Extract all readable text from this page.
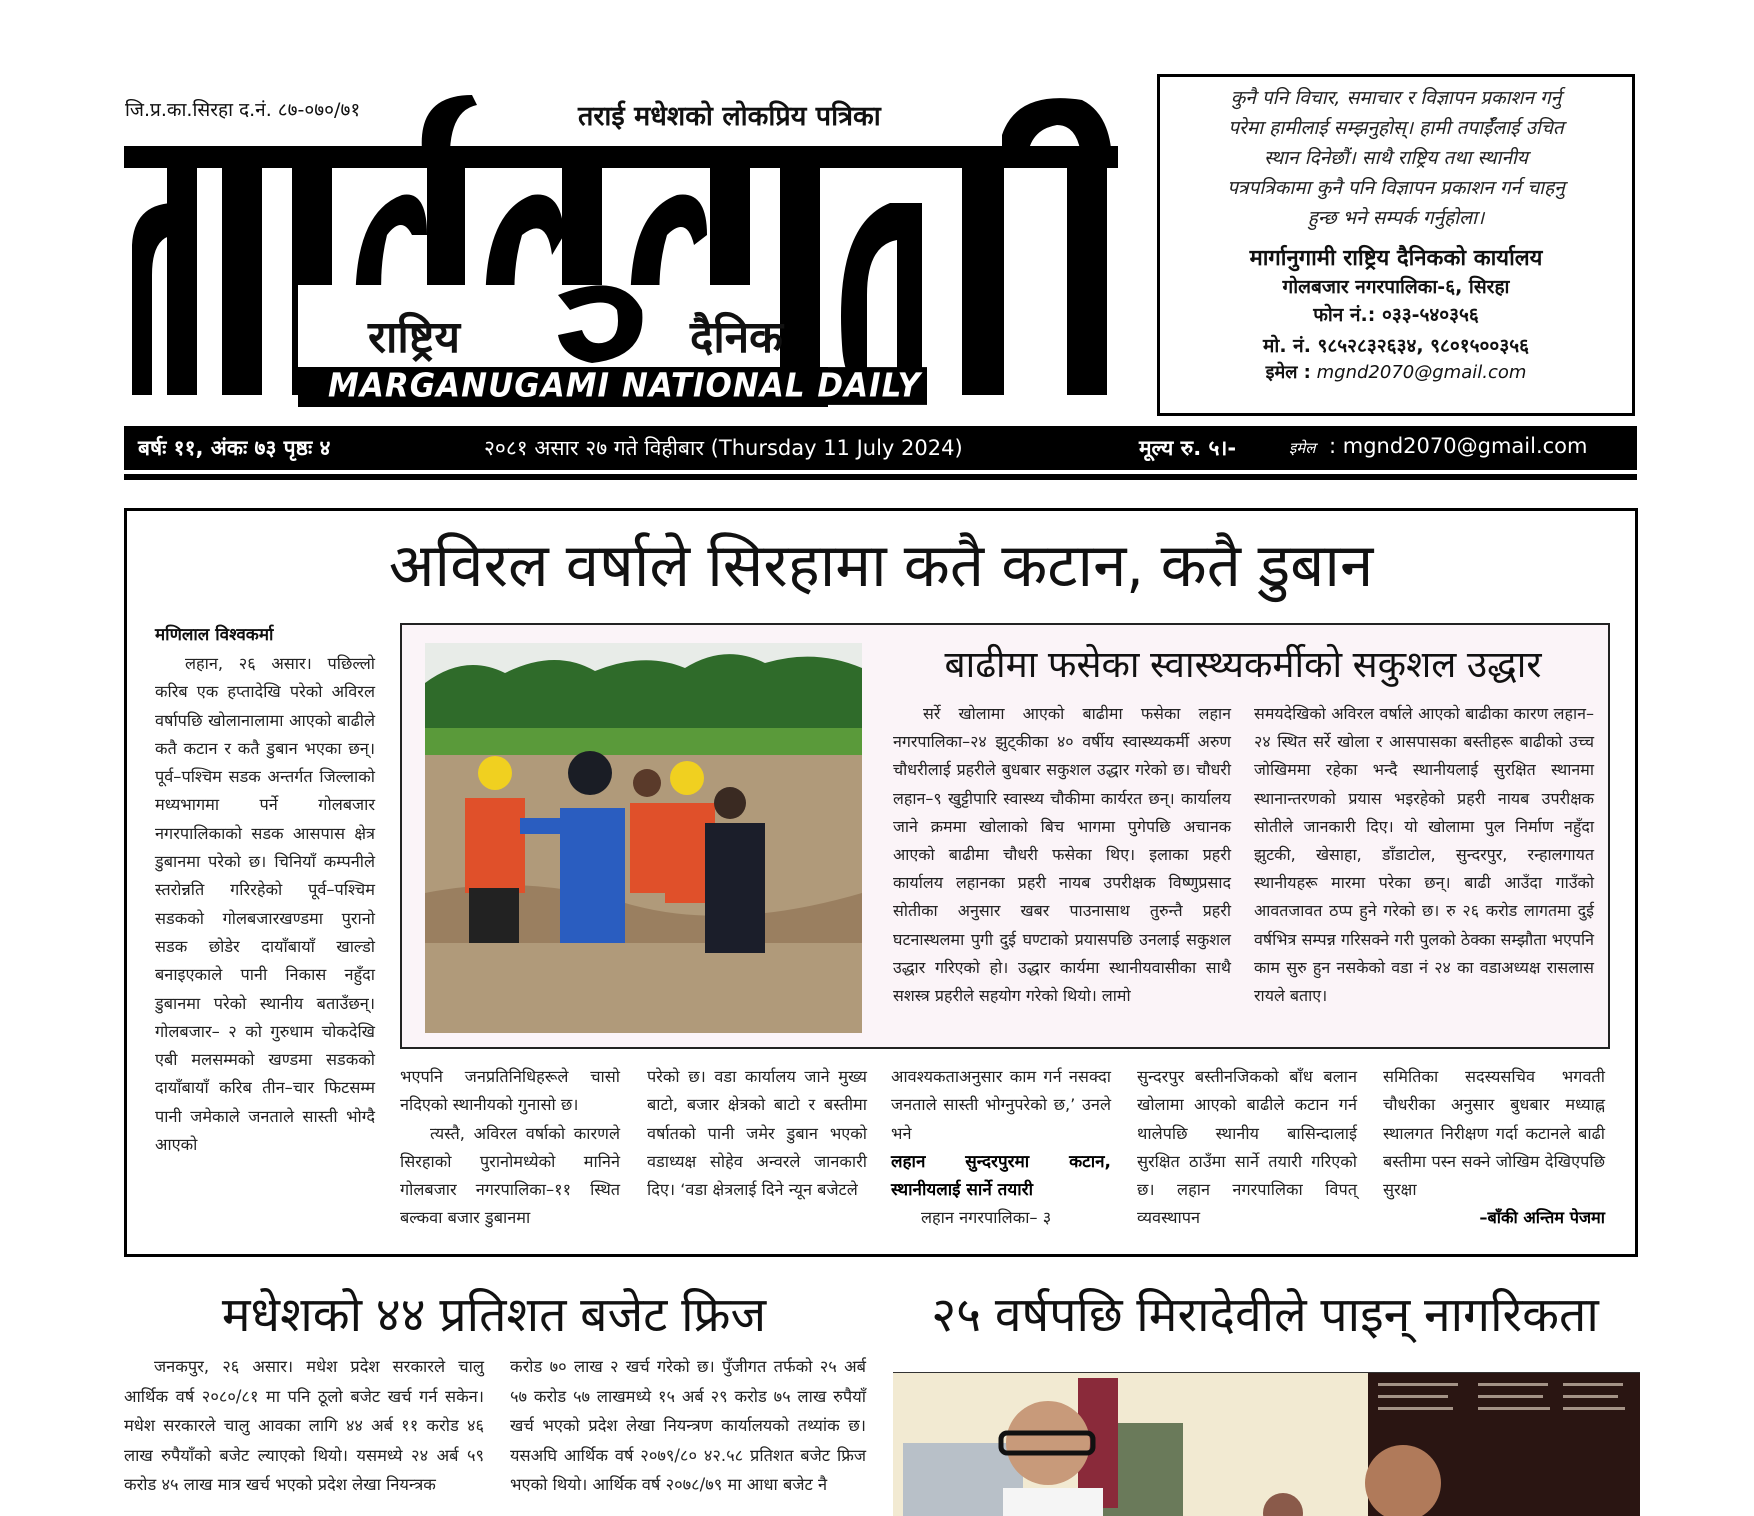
जि.प्र.का.सिरहा द.नं. ८७-०७०/७१
राष्ट्रिय	दैनिक
MARGANUGAMI NATIONAL DAILY
तराई मधेशको लोकप्रिय पत्रिका
कुनै पनि विचार, समाचार र विज्ञापन प्रकाशन गर्नु
परेमा हामीलाई सम्झनुहोस्। हामी तपाईँलाई उचित
स्थान दिनेछौं। साथै राष्ट्रिय तथा स्थानीय
पत्रपत्रिकामा कुनै पनि विज्ञापन प्रकाशन गर्न चाहनु
हुन्छ भने सम्पर्क गर्नुहोला।
मार्गानुगामी राष्ट्रिय दैनिकको कार्यालय
गोलबजार नगरपालिका-६, सिरहा
फोन नं.: ०३३-५४०३५६
मो. नं. ९८५२८३२६३४, ९८०१५००३५६
इमेल : mgnd2070@gmail.com
बर्षः ११, अंकः ७३ पृष्ठः ४	२०८१ असार २७ गते विहीबार (Thursday 11 July 2024)	मूल्य रु. ५।-	इमेल : mgnd2070@gmail.com
अविरल वर्षाले सिरहामा कतै कटान, कतै डुबान
मणिलाल विश्वकर्मा

लहान, २६ असार। पछिल्लो करिब एक हप्तादेखि परेको अविरल वर्षापछि खोलानालामा आएको बाढीले कतै कटान र कतै डुबान भएका छन्। पूर्व–पश्चिम सडक अन्तर्गत जिल्लाको मध्यभागमा पर्ने गोलबजार नगरपालिकाको सडक आसपास क्षेत्र डुबानमा परेको छ। चिनियाँ कम्पनीले स्तरोन्नति गरिरहेको पूर्व–पश्चिम सडकको गोलबजारखण्डमा पुरानो सडक छोडेर दायाँबायाँ खाल्डो बनाइएकाले पानी निकास नहुँदा डुबानमा परेको स्थानीय बताउँछन्। गोलबजार– २ को गुरुधाम चोकदेखि एबी मलसम्मको खण्डमा सडकको दायाँबायाँ करिब तीन–चार फिटसम्म पानी जमेकाले जनताले सास्ती भोग्दै आएको

बाढीमा फसेका स्वास्थ्यकर्मीको सकुशल उद्धार

सर्रे खोलामा आएको बाढीमा फसेका लहान नगरपालिका–२४ झुट्कीका ४० वर्षीय स्वास्थ्यकर्मी अरुण चौधरीलाई प्रहरीले बुधबार सकुशल उद्धार गरेको छ। चौधरी लहान–९ खुट्टीपारि स्वास्थ्य चौकीमा कार्यरत छन्। कार्यालय जाने क्रममा खोलाको बिच भागमा पुगेपछि अचानक आएको बाढीमा चौधरी फसेका थिए। इलाका प्रहरी कार्यालय लहानका प्रहरी नायब उपरीक्षक विष्णुप्रसाद सोतीका अनुसार खबर पाउनासाथ तुरुन्तै प्रहरी घटनास्थलमा पुगी दुई घण्टाको प्रयासपछि उनलाई सकुशल उद्धार गरिएको हो। उद्धार कार्यमा स्थानीयवासीका साथै सशस्त्र प्रहरीले सहयोग गरेको थियो। लामो

समयदेखिको अविरल वर्षाले आएको बाढीका कारण लहान–२४ स्थित सर्रे खोला र आसपासका बस्तीहरू बाढीको उच्च जोखिममा रहेका भन्दै स्थानीयलाई सुरक्षित स्थानमा स्थानान्तरणको प्रयास भइरहेको प्रहरी नायब उपरीक्षक सोतीले जानकारी दिए। यो खोलामा पुल निर्माण नहुँदा झुटकी, खेसाहा, डाँडाटोल, सुन्दरपुर, रन्हालगायत स्थानीयहरू मारमा परेका छन्। बाढी आउँदा गाउँको आवतजावत ठप्प हुने गरेको छ। रु २६ करोड लागतमा दुई वर्षभित्र सम्पन्न गरिसक्ने गरी पुलको ठेक्का सम्झौता भएपनि काम सुरु हुन नसकेको वडा नं २४ का वडाअध्यक्ष रासलास रायले बताए।

भएपनि जनप्रतिनिधिहरूले चासो नदिएको स्थानीयको गुनासो छ।

त्यस्तै, अविरल वर्षाको कारणले सिरहाको पुरानोमध्येको मानिने गोलबजार नगरपालिका–११ स्थित बल्कवा बजार डुबानमा

परेको छ। वडा कार्यालय जाने मुख्य बाटो, बजार क्षेत्रको बाटो र बस्तीमा वर्षातको पानी जमेर डुबान भएको वडाध्यक्ष सोहेव अन्वरले जानकारी दिए। ‘वडा क्षेत्रलाई दिने न्यून बजेटले

आवश्यकताअनुसार काम गर्न नसक्दा जनताले सास्ती भोग्नुपरेको छ,’ उनले भने

लहान सुन्दरपुरमा कटान, स्थानीयलाई सार्ने तयारी

लहान नगरपालिका– ३

सुन्दरपुर बस्तीनजिकको बाँध बलान खोलामा आएको बाढीले कटान गर्न थालेपछि स्थानीय बासिन्दालाई सुरक्षित ठाउँमा सार्ने तयारी गरिएको छ। लहान नगरपालिका विपत् व्यवस्थापन

समितिका सदस्यसचिव भगवती चौधरीका अनुसार बुधबार मध्याह्न स्थालगत निरीक्षण गर्दा कटानले बाढी बस्तीमा पस्न सक्ने जोखिम देखिएपछि सुरक्षा

–बाँकी अन्तिम पेजमा

मधेशको ४४ प्रतिशत बजेट फ्रिज

जनकपुर, २६ असार। मधेश प्रदेश सरकारले चालु आर्थिक वर्ष २०८०/८१ मा पनि ठूलो बजेट खर्च गर्न सकेन। मधेश सरकारले चालु आवका लागि ४४ अर्ब ११ करोड ४६ लाख रुपैयाँको बजेट ल्याएको थियो। यसमध्ये २४ अर्ब ५९ करोड ४५ लाख मात्र खर्च भएको प्रदेश लेखा नियन्त्रक

करोड ७० लाख २ खर्च गरेको छ। पुँजीगत तर्फको २५ अर्ब ५७ करोड ५७ लाखमध्ये १५ अर्ब २९ करोड ७५ लाख रुपैयाँ खर्च भएको प्रदेश लेखा नियन्त्रण कार्यालयको तथ्यांक छ। यसअघि आर्थिक वर्ष २०७९/८० ४२.५८ प्रतिशत बजेट फ्रिज भएको थियो। आर्थिक वर्ष २०७८/७९ मा आधा बजेट नै

२५ वर्षपछि मिरादेवीले पाइन् नागरिकता
